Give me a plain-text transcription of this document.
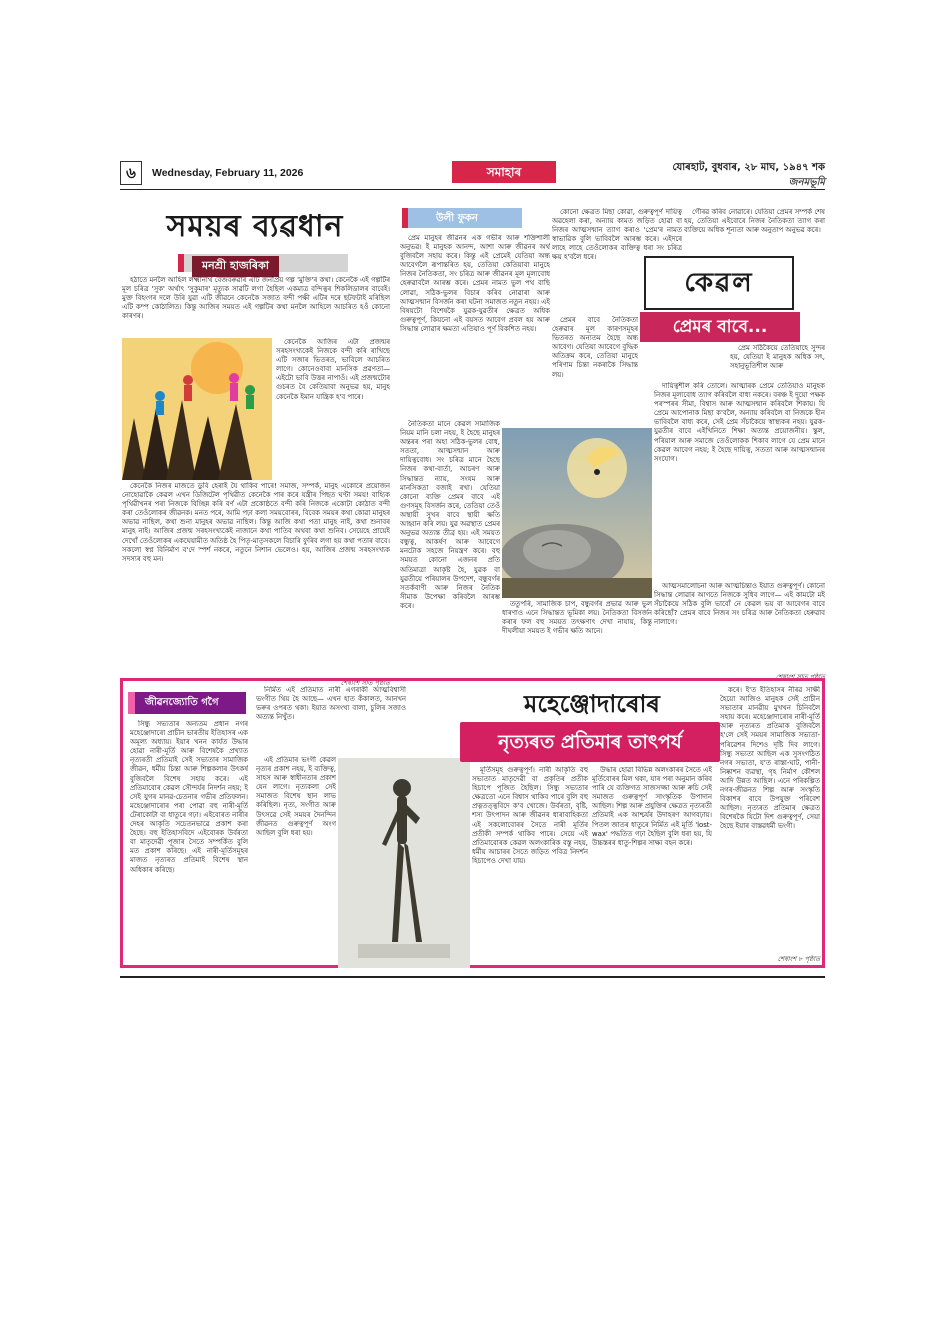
৬	Wednesday, February 11, 2026	সমাহাৰ	যোৰহাট, বুধবাৰ, ২৮ মাঘ, ১৯৪৭ শক
জনমভূমি
সময়ৰ ব্যৱধান
মনশ্ৰী হাজৰিকা

হঠাতে মনলৈ আহিল লক্ষ্মীনাথ বেজবৰুৱাৰ এটি জনপ্ৰিয় গল্প 'মুক্তি'ৰ কথা। কেনেকৈ এই গল্পটিৰ মূল চৰিত্ৰ 'সুক' অৰ্থাৎ 'সুকুমাৰ' মৃত্যুক সাৱটি লগা হৈছিল একমাত্ৰ বন্দিত্বৰ শিকলিডালৰ বাবেই। মুক্ত বিহংগৰ দলে উৰি যুৱা এটি জীৱনে কেনেকৈ সজাত বন্দী পক্ষী এটিৰ দৰে ছটফটাই মৰিছিল এটি কম্প কোঠালিত। কিন্তু আজিৰ সময়ত এই গল্পটিৰ কথা মনলৈ আহিলে আচৰিত হওঁ কোনো কাৰণৰ।

কেনেকৈ আজিৰ এটা প্ৰজন্মৰ সৰহসংখ্যকেই নিজকে বন্দী কৰি ৰাখিছে এটি সজাৰ ভিতৰত, ভাবিলে আচৰিত লাগে। কোনেওবাবা মানসিক প্ৰৱণতা— এইটো ভাবি উত্তৰ নাপাওঁ। এই প্ৰজন্মটোৰ গুচৰত বৈ কেতিয়াবা অনুভৱ হয়, মানুহ কেনেকৈ ইমান যান্ত্ৰিক হ'ব পাৰে।

কেনেকৈ নিজৰ মাজতে ডুবি হেৰাই যৈ থাকিব পাৰে! সমাজ, সম্পৰ্ক, মানুহ একোৰে প্ৰয়োজন নোহোৱাকৈ কেৱল এখন ডিজিটেল পৃথিৱীত কেনেকৈ পাৰ কৰে যন্ত্ৰীৰ পিছত ঘণ্টা সময়! বাহ্যিক পৃথিৱীখনৰ পৰা নিজকে বিচ্ছিন্ন কৰি বৰ্ণ এটা প্ৰকোষ্ঠতে বন্দী কৰি নিজকে একোটা কোঠাত বন্দী কৰা তেওঁলোকৰ জীৱনক। মনত পৰে, আমি পঢ়া কলা সময়বোৰৰ, বিবেক সময়ৰ কথা কোৱা মানুহৰ অভাৱ নাছিল, কথা শুনা মানুহৰ অভাৱ নাছিল। কিন্তু আজি কথা পতা মানুহ নাই, কথা শুনাবৰ মানুহ নাই। আজিৰ প্ৰজন্ম সৰহসংখ্যকেই নাজানে কথা পাতিব অথবা কথা শুনিব। সেয়েহে প্ৰায়েই দেখোঁ তেওঁলোকৰ একঘেয়ামীত অতিষ্ঠ হৈ পিতৃ-মাতৃসকলে বিচাৰি ফুৰিব লগা হয় কথা পতাৰ বাবে। সকলো স্বপ্ন বিনিৰ্মাণ ব'দে স্পৰ্শ নকৰে, নতুনে নিশান ভেলেও। হয়, আজিৰ প্ৰজন্ম সৰহসংখ্যক সদস্যৰ বহু মন।

শেষাংশ সাত পৃষ্ঠাত
উলী ফুকন

প্ৰেম মানুহৰ জীৱনৰ এক গভীৰ আৰু শক্তিশালী অনুভৱ। ই মানুহক আনন্দ, আশা আৰু জীৱনৰ অৰ্থ বুজিবলৈ সহায় কৰে। কিন্তু এই প্ৰেমেই যেতিয়া অন্ধ আবেগলৈ ৰূপান্তৰিত হয়, তেতিয়া কেতিয়াবা মানুহে নিজৰ নৈতিকতা, সং চৰিত্ৰ আৰু জীৱনৰ মূল মূল্যবোধ হেৰুৱাবলৈ আৰম্ভ কৰে। প্ৰেমৰ নামত ভুল পথ বাছি লোৱা, সঠিক-ভুলৰ বিচাৰ কৰিব নোৱাৰা আৰু আত্মসন্মান বিসৰ্জন কৰা ঘটনা সমাজত নতুন নহয়। এই বিষয়টো বিশেষকৈ যুৱক-যুৱতীৰ ক্ষেত্ৰত অধিক গুৰুত্বপূৰ্ণ, কিয়নো এই বয়সত আবেগ প্ৰবল হয় আৰু সিদ্ধান্ত লোৱাৰ ক্ষমতা এতিয়াও পূৰ্ণ বিকশিত নহয়।

কোনো ক্ষেত্ৰত মিছা কোৱা, গুৰুত্বপূৰ্ণ দায়িত্ব অৱহেলা কৰা, অন্যায় কামত জড়িত হোৱা বা নিজৰ আত্মসন্মান ত্যাগ কৰাও 'প্ৰেম'ৰ নামত স্বাভাৱিক বুলি ভাবিবলৈ আৰম্ভ কৰে। এইদৰে লাহে লাহে তেওঁলোকৰ ব্যক্তিত্ব ধৰা সং চৰিত্ৰ ক্ষয় হ'বলৈ ধৰে।

গৌৰৱ কৰিব নোৱাৰে। যেতিয়া প্ৰেমৰ সম্পৰ্ক শেষ হয়, তেতিয়া এইবোৰে নিজৰ নৈতিকতা ত্যাগ কৰা ব্যক্তিয়ে অধিক শূন্যতা আৰু অনুতাপ অনুভৱ কৰে।

কেৱল
প্ৰেমৰ বাবে...

প্ৰেম সঠিকৈয়ে তেতিয়াহে সুন্দৰ হয়, যেতিয়া ই মানুহক অধিক সৎ, সহানুভূতিশীল আৰু

প্ৰেমৰ বাবে নৈতিকতা হেৰুৱাৰ মূল কাৰণসমূহৰ ভিতৰত অন্যতম হৈছে অন্ধ আবেগ। যেতিয়া আবেগে বুদ্ধিক অতিক্ৰম কৰে, তেতিয়া মানুহে পৰিণাম চিন্তা নকৰাকৈ সিদ্ধান্ত লয়।

নৈতিকতা মানে কেৱল সামাজিক নিয়ম মানি চলা নহয়, ই হৈছে মানুহৰ অন্তৰৰ পৰা অহা সঠিক-ভুলৰ বোধ, সততা, আত্মসন্মান আৰু দায়িত্ববোধ। সং চৰিত্ৰ মানে হৈছে নিজৰ কথা-বাৰ্তা, আচৰণ আৰু সিদ্ধান্তত ন্যায়, সংযম আৰু মানসিকতা বজাই ৰখা। যেতিয়া কোনো ব্যক্তি প্ৰেমৰ বাবে এই গুণসমূহ বিসৰ্জন কৰে, তেতিয়া তেওঁ অস্থায়ী সুখৰ বাবে স্থায়ী ক্ষতি আহ্বান কৰি লয়। যুৱ অৱস্থাত প্ৰেমৰ অনুভৱ অত্যন্ত তীব্ৰ হয়। এই সময়ত বন্ধুত্ব, আকৰ্ষণ আৰু আবেগে মনটোক সহজে নিয়ন্ত্ৰণ কৰে। বহু সময়ত কোনো এজনৰ প্ৰতি অতিমাত্ৰা আকৃষ্ট হৈ, যুৱক বা যুৱতীয়ে পৰিয়ালৰ উপদেশ, বন্ধুবৰ্গৰ সতৰ্কবাণী আৰু নিজৰ নৈতিক সীমাক উপেক্ষা কৰিবলৈ আৰম্ভ কৰে।

দায়িত্বশীল কৰি তোলে। আত্মাৰক প্ৰেমে তেতিয়াও মানুহক নিজৰ মূল্যবোধ ত্যাগ কৰিবলৈ বাধ্য নকৰে। বৰঞ্চ ই দুয়ো পক্ষক পৰস্পৰৰ সীমা, বিশ্বাস আৰু আত্মসন্মান কৰিবলৈ শিকায়। যি প্ৰেমে আপোনাক মিছা ক'বলৈ, অন্যায় কৰিবলৈ বা নিজকে হীন ভাবিবলৈ বাধ্য কৰে, সেই প্ৰেম সঁচাকৈয়ে স্বাস্থ্যকৰ নহয়। যুৱক-যুৱতীৰ বাবে এইখিনিতে শিক্ষা অত্যন্ত প্ৰয়োজনীয়। স্কুল, পৰিয়াল আৰু সমাজে তেওঁলোকক শিকাব লাগে যে প্ৰেম মানে কেৱল আবেগ নহয়; ই হৈছে দায়িত্ব, সততা আৰু আত্মসন্মানৰ সংযোগ।

ততুপৰি, সামাজিক চাপ, বন্ধুবৰ্গৰ প্ৰভাৱ আৰু ভুল ধাৰণাও এনে সিদ্ধান্তত ভূমিকা লয়। নৈতিকতা বিসৰ্জন কৰাৰ ফল বহু সময়ত তৎক্ষণাৎ দেখা নাযায়, কিন্তু দীঘলীয়া সময়ত ই গভীৰ ক্ষতি আনে।

আত্মসমালোচনা আৰু আত্মচিন্তাও ইয়াত গুৰুত্বপূৰ্ণ। কোনো সিদ্ধান্ত লোৱাৰ আগতে নিজকে সুধিব লাগে— এই কামটো মই সঁচাকৈয়ে সঠিক বুলি ভাবোঁ নে কেৱল ভয় বা আবেগৰ বাবে কৰিছোঁ? প্ৰেমৰ বাবে নিজৰ সং চৰিত্ৰ আৰু নৈতিকতা হেৰুৱাব নালাগে।

শেষাংশ সাত পৃষ্ঠাত
জীৱনজ্যোতি গগৈ

সিন্ধু সভ্যতাৰ অন্যতম প্ৰধান নগৰ মহেঞ্জোদাৰো প্ৰাচীন ভাৰতীয় ইতিহাসৰ এক অমূল্য অধ্যায়। ইয়াৰ খনন কাৰ্যত উদ্ধাৰ হোৱা নাৰী-মূৰ্তি আৰু বিশেষকৈ প্ৰখ্যাত নৃত্যৰতী প্ৰতিমাই সেই সভ্যতাৰ সামাজিক জীৱন, ধৰ্মীয় চিন্তা আৰু শিল্পকলাৰ উৎকৰ্ষ বুজিবলৈ বিশেষ সহায় কৰে। এই প্ৰতিমাবোৰ কেৱল সৌন্দৰ্যৰ নিদৰ্শন নহয়; ই সেই যুগৰ মানৱ-চেতনাৰ গভীৰ প্ৰতিফলন। মহেঞ্জোদাৰোৰ পৰা পোৱা বহু নাৰী-মূৰ্তি টেৰাকোটা বা ধাতুৰে গঢ়া। এইবোৰত নাৰীৰ দেহৰ আকৃতি সচেতনভাৱে প্ৰকাশ কৰা হৈছে। বহু ইতিহাসবিদে এইবোৰক উৰ্বৰতা বা মাতৃদেৱী পূজাৰ সৈতে সম্পৰ্কিত বুলি মত প্ৰকাশ কৰিছে। এই নাৰী-মূৰ্তিসমূহৰ মাজত নৃত্যৰত প্ৰতিমাই বিশেষ স্থান অধিকাৰ কৰিছে।

নিৰ্মিত এই প্ৰতিমাত নাৰী এগৰাকী আত্মবিশ্বাসী ভংগীত থিয় হৈ আছে— এখন হাত কঁকালত, আনখন ভৰুৰ ওপৰত থকা। ইয়াত অসংখ্য বালা, চুলিৰ সজাও অত্যন্ত নিখুঁত।

এই প্ৰতিমাৰ ভংগী কেৱল নৃত্যৰ প্ৰকাশ নহয়, ই ব্যক্তিত্ব, সাহস আৰু স্বাধীনতাৰ প্ৰকাশ যেন লাগে। নৃত্যকলা সেই সমাজত বিশেষ স্থান লাভ কৰিছিল। নৃত্য, সংগীত আৰু উৎসৱে সেই সময়ৰ দৈনন্দিন জীৱনত গুৰুত্বপূৰ্ণ অংগ আছিল বুলি ধৰা হয়।

মহেঞ্জোদাৰোৰ
নৃত্যৰত প্ৰতিমাৰ তাৎপৰ্য

মূৰ্তিসমূহ গুৰুত্বপূৰ্ণ। নাৰী আকৃতি বহু সভ্যতাত মাতৃদেৱী বা প্ৰকৃতিৰ প্ৰতীক হিচাপে পূজিত হৈছিল। সিন্ধু সভ্যতাৰ ক্ষেত্ৰতো এনে বিশ্বাস থাকিব পাৰে বুলি বহু প্ৰত্নতত্ত্ববিদে ক'ব খোজে। উৰ্বৰতা, বৃষ্টি, শস্য উৎপাদন আৰু জীৱনৰ ধাৰাবাহিকতা এই সকলোবোৰৰ সৈতে নাৰী মূৰ্তিৰ প্ৰতীকী সম্পৰ্ক থাকিব পাৰে। সেয়ে এই প্ৰতিমাবোৰক কেৱল অলংকাৰিক বস্তু নহয়, ধৰ্মীয় আচাৰৰ সৈতে জড়িত পবিত্ৰ নিদৰ্শন হিচাপেও দেখা যায়।

উদ্ধাৰ হোৱা বিভিন্ন অলংকাৰৰ সৈতে এই মূৰ্তিবোৰৰ মিল থকা, যাৰ পৰা অনুমান কৰিব পাৰি যে ব্যক্তিগত সাজসজ্জা আৰু ৰুচি সেই সমাজত গুৰুত্বপূৰ্ণ সাংস্কৃতিক উপাদান আছিল। শিল্প আৰু প্ৰযুক্তিৰ ক্ষেত্ৰত নৃত্যৰতী প্ৰতিমাই এক আশ্চৰ্যৰ উদাহৰণ আগবঢ়ায়। পিতল জাতৰ ধাতুৰে নিৰ্মিত এই মূৰ্তি 'lost-wax' পদ্ধতিত গঢ়া হৈছিল বুলি ধৰা হয়, যি উচ্চস্তৰৰ ধাতু-শিল্পৰ সাক্ষ্য বহন কৰে।

কৰে। ই'ত ইতিহাসৰ নীৰৱ সাক্ষী হৈয়ো আজিও মানুহক সেই প্ৰাচীন সভ্যতাৰ মানৱীয় মুখখন চিনিবলৈ সহায় কৰে। মহেঞ্জোদাৰোৰ নাৰী-মূৰ্তি আৰু নৃত্যৰত প্ৰতিমাক বুজিবলৈ হ'লে সেই সময়ৰ সামাজিক সভ্যতা-পৰিৱেশৰ দিশেও দৃষ্টি দিব লাগে। সিন্ধু সভ্যতা আছিল এক সুসংগঠিত নগৰ সভ্যতা, য'ত ৰাস্তা-ঘাট, পানী-নিষ্কাশন ব্যৱস্থা, গৃহ নিৰ্মাণ কৌশল আদি উন্নত আছিল। এনে পৰিকল্পিত নগৰ-জীৱনত শিল্প আৰু সংস্কৃতি বিকাশৰ বাবে উপযুক্ত পৰিবেশ আছিল। নৃত্যৰত প্ৰতিমাৰ ক্ষেত্ৰত বিশেষকৈ যিটো দিশ গুৰুত্বপূৰ্ণ, সেয়া হৈছে ইয়াৰ বাস্তৱধৰ্মী ভংগী।

শেষাংশ ৮ পৃষ্ঠাত
